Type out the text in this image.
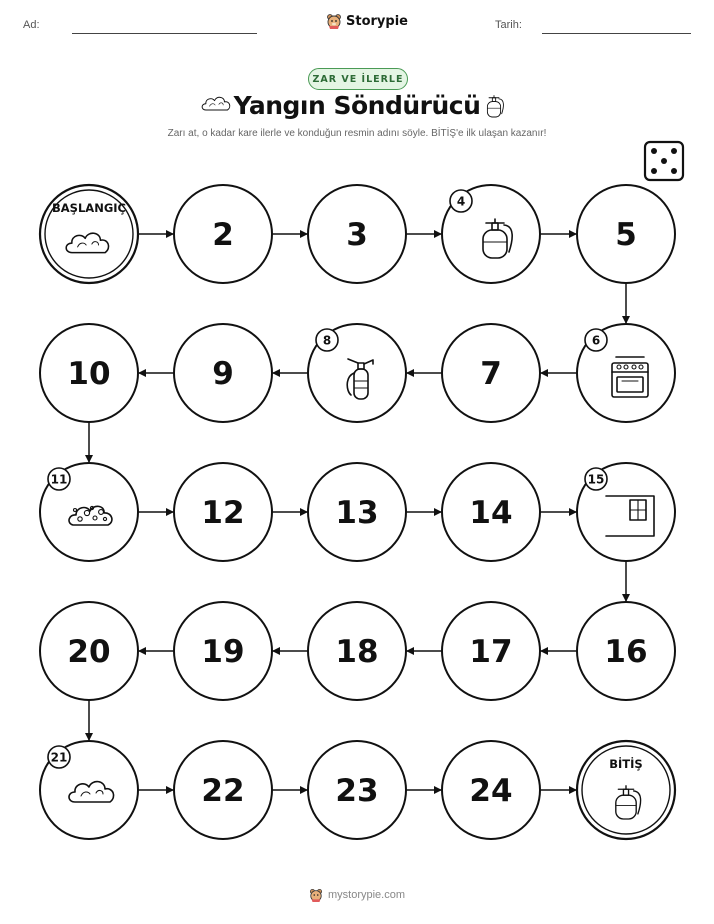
Ad:	Storypie	Tarih:
ZAR VE İLERLE
Yangın Söndürücü
Zarı at, o kadar kare ilerle ve konduğun resmin adını söyle. BİTİŞ'e ilk ulaşan kazanır!
BAŞLANGIÇ
2	3
4
5
6
7
8
9
10
11
12	13	14
15
16
17
18
19
20
21
22	23	24
BİTİŞ
mystorypie.com
